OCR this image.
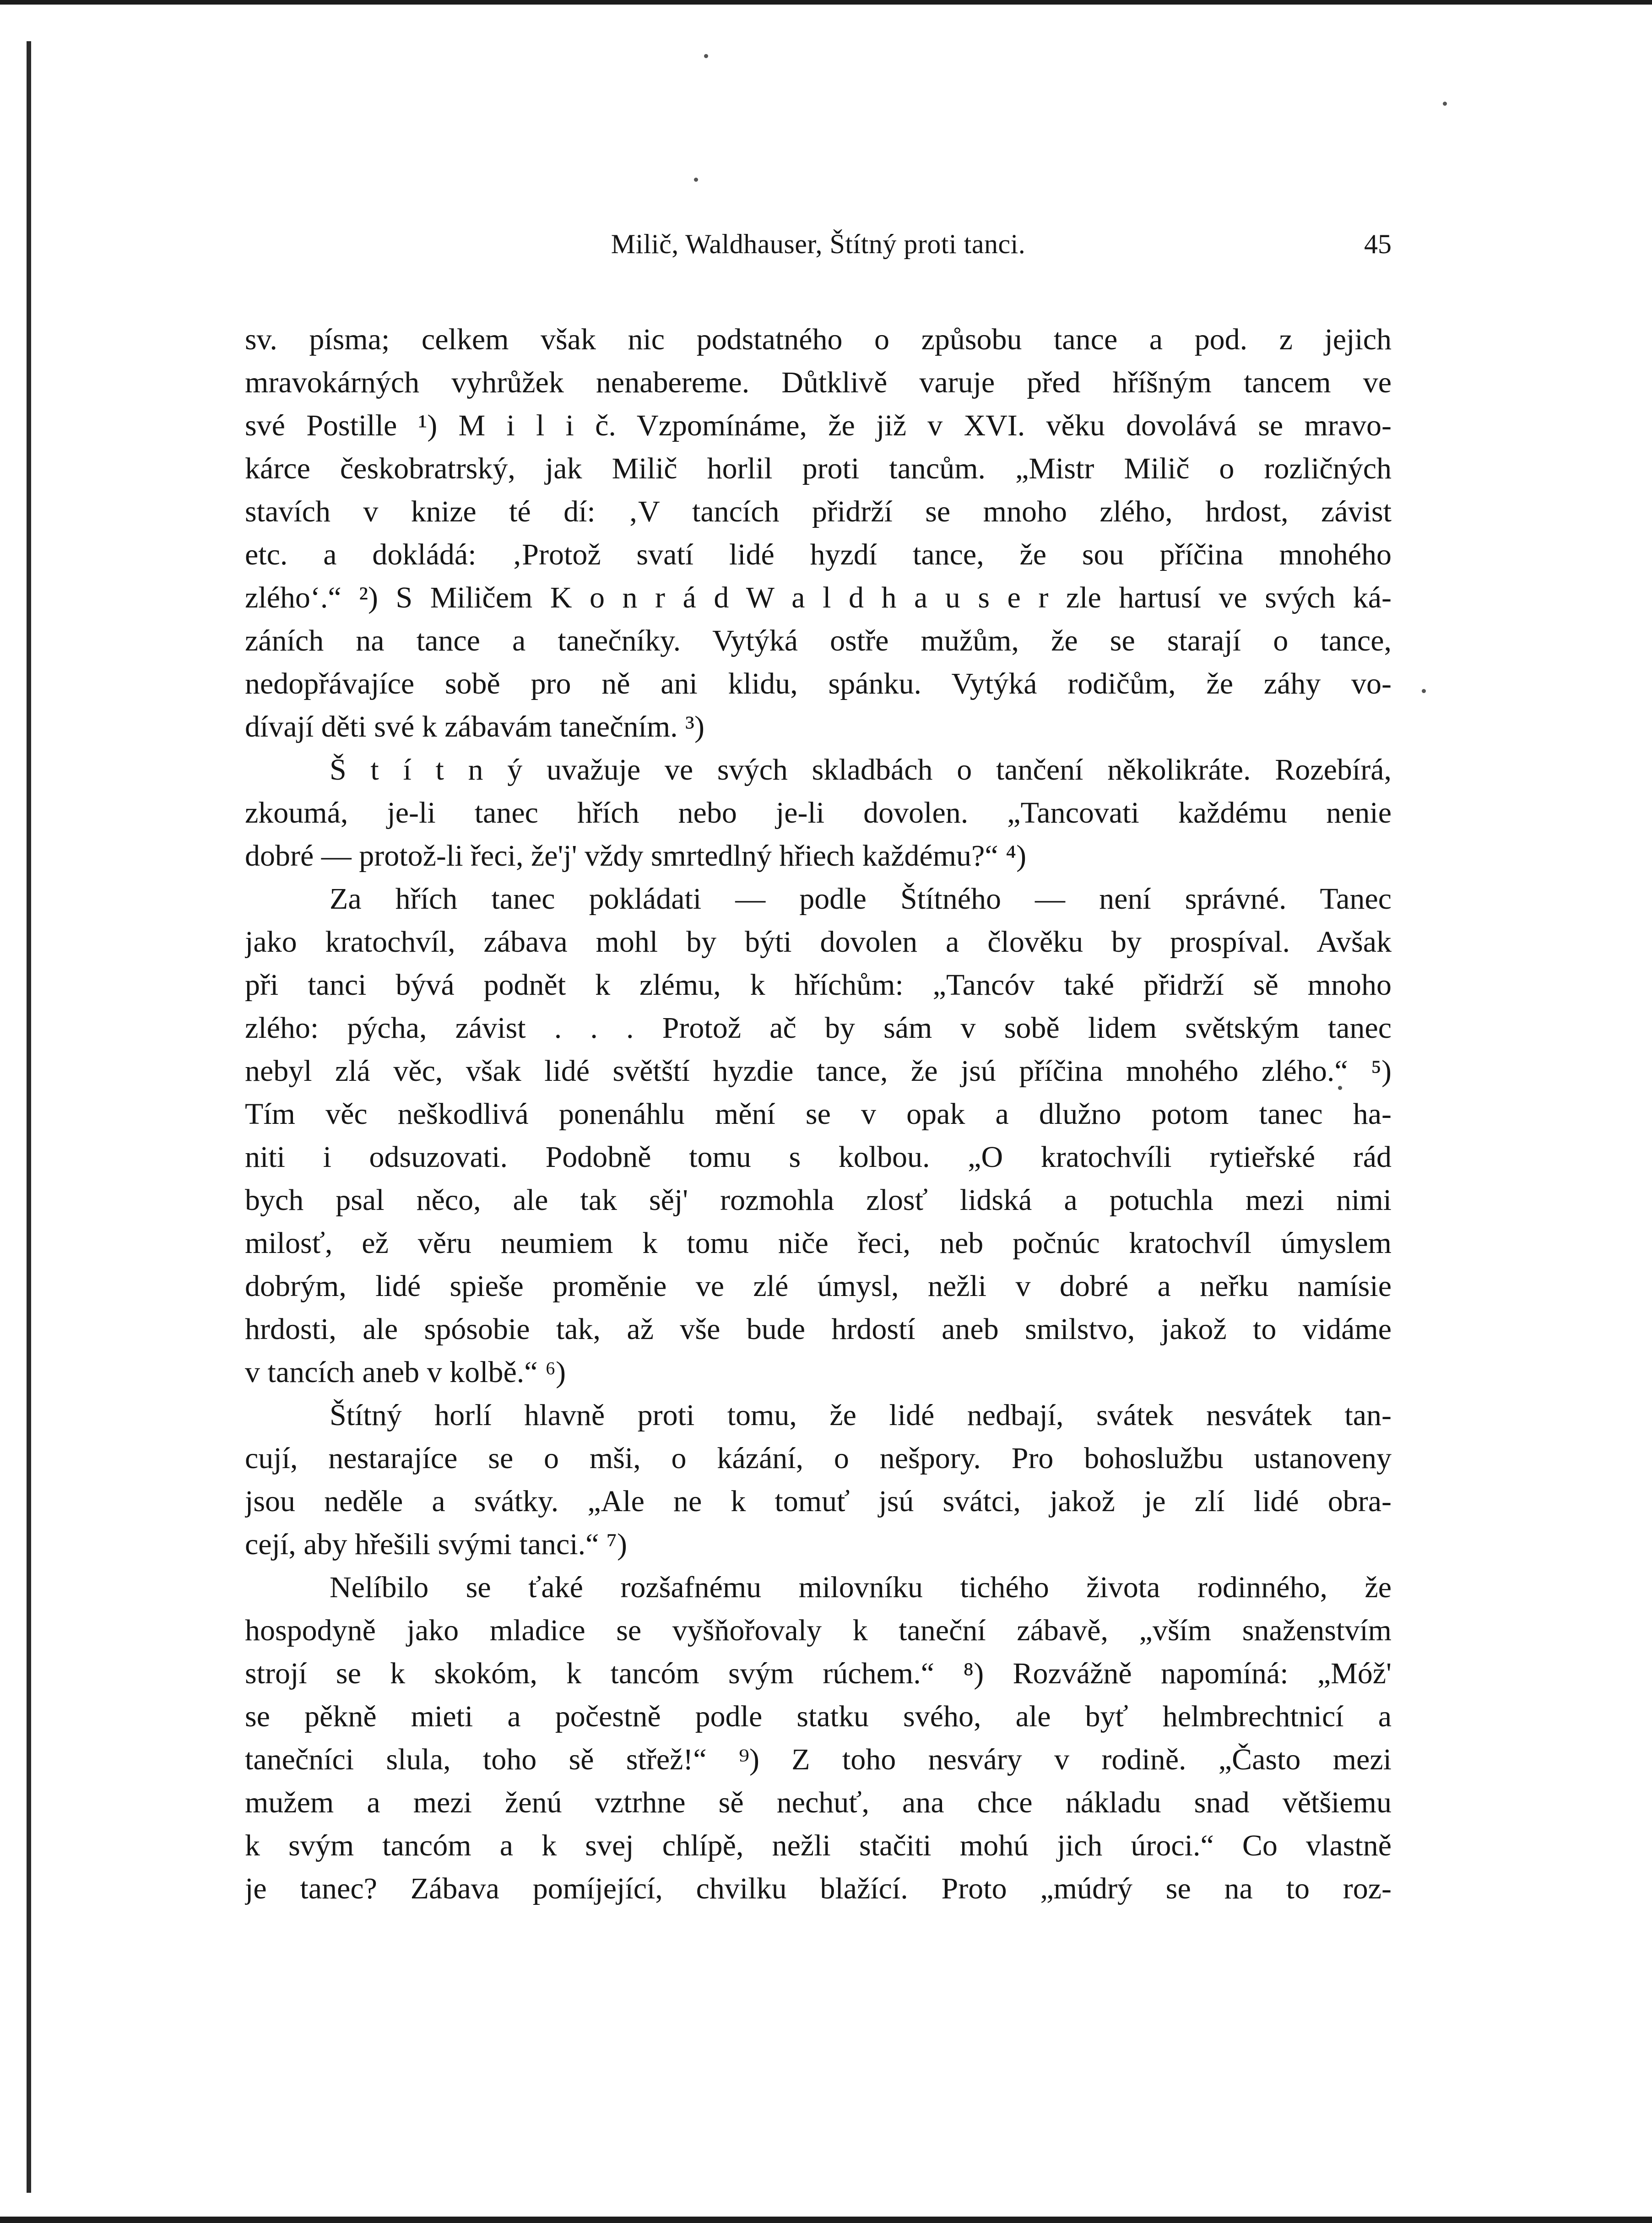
Milič, Waldhauser, Štítný proti tanci.	45
sv. písma; celkem však nic podstatného o způsobu tance a pod. z jejich
mravokárných vyhrůžek nenabereme. Důtklivě varuje před hříšným tancem ve
své Postille ¹) M i l i č. Vzpomínáme, že již v XVI. věku dovolává se mravo-
kárce českobratrský, jak Milič horlil proti tancům. „Mistr Milič o rozličných
stavích v knize té dí: ‚V tancích přidrží se mnoho zlého, hrdost, závist
etc. a dokládá: ‚Protož svatí lidé hyzdí tance, že sou příčina mnohého
zlého‘.“ ²) S Miličem K o n r á d W a l d h a u s e r zle hartusí ve svých ká-
záních na tance a tanečníky. Vytýká ostře mužům, že se starají o tance,
nedopřávajíce sobě pro ně ani klidu, spánku. Vytýká rodičům, že záhy vo-
dívají děti své k zábavám tanečním. ³)
Š t í t n ý uvažuje ve svých skladbách o tančení několikráte. Rozebírá,
zkoumá, je-li tanec hřích nebo je-li dovolen. „Tancovati každému nenie
dobré — protož-li řeci, že'j' vždy smrtedlný hřiech každému?“ ⁴)
Za hřích tanec pokládati — podle Štítného — není správné. Tanec
jako kratochvíl, zábava mohl by býti dovolen a člověku by prospíval. Avšak
při tanci bývá podnět k zlému, k hříchům: „Tancóv také přidrží sě mnoho
zlého: pýcha, závist . . . Protož ač by sám v sobě lidem světským tanec
nebyl zlá věc, však lidé světští hyzdie tance, že jsú příčina mnohého zlého.“ ⁵)
Tím věc neškodlivá ponenáhlu mění se v opak a dlužno potom tanec ha-
niti i odsuzovati. Podobně tomu s kolbou. „O kratochvíli rytieřské rád
bych psal něco, ale tak sěj' rozmohla zlosť lidská a potuchla mezi nimi
milosť, ež věru neumiem k tomu niče řeci, neb počnúc kratochvíl úmyslem
dobrým, lidé spieše proměnie ve zlé úmysl, nežli v dobré a neřku namísie
hrdosti, ale spósobie tak, až vše bude hrdostí aneb smilstvo, jakož to vidáme
v tancích aneb v kolbě.“ ⁶)
Štítný horlí hlavně proti tomu, že lidé nedbají, svátek nesvátek tan-
cují, nestarajíce se o mši, o kázání, o nešpory. Pro bohoslužbu ustanoveny
jsou neděle a svátky. „Ale ne k tomuť jsú svátci, jakož je zlí lidé obra-
cejí, aby hřešili svými tanci.“ ⁷)
Nelíbilo se ťaké rozšafnému milovníku tichého života rodinného, že
hospodyně jako mladice se vyšňořovaly k taneční zábavě, „vším snaženstvím
strojí se k skokóm, k tancóm svým rúchem.“ ⁸) Rozvážně napomíná: „Móž'
se pěkně mieti a počestně podle statku svého, ale byť helmbrechtnicí a
tanečníci slula, toho sě střež!“ ⁹) Z toho nesváry v rodině. „Často mezi
mužem a mezi ženú vztrhne sě nechuť, ana chce nákladu snad většiemu
k svým tancóm a k svej chlípě, nežli stačiti mohú jich úroci.“ Co vlastně
je tanec? Zábava pomíjející, chvilku blažící. Proto „múdrý se na to roz-
